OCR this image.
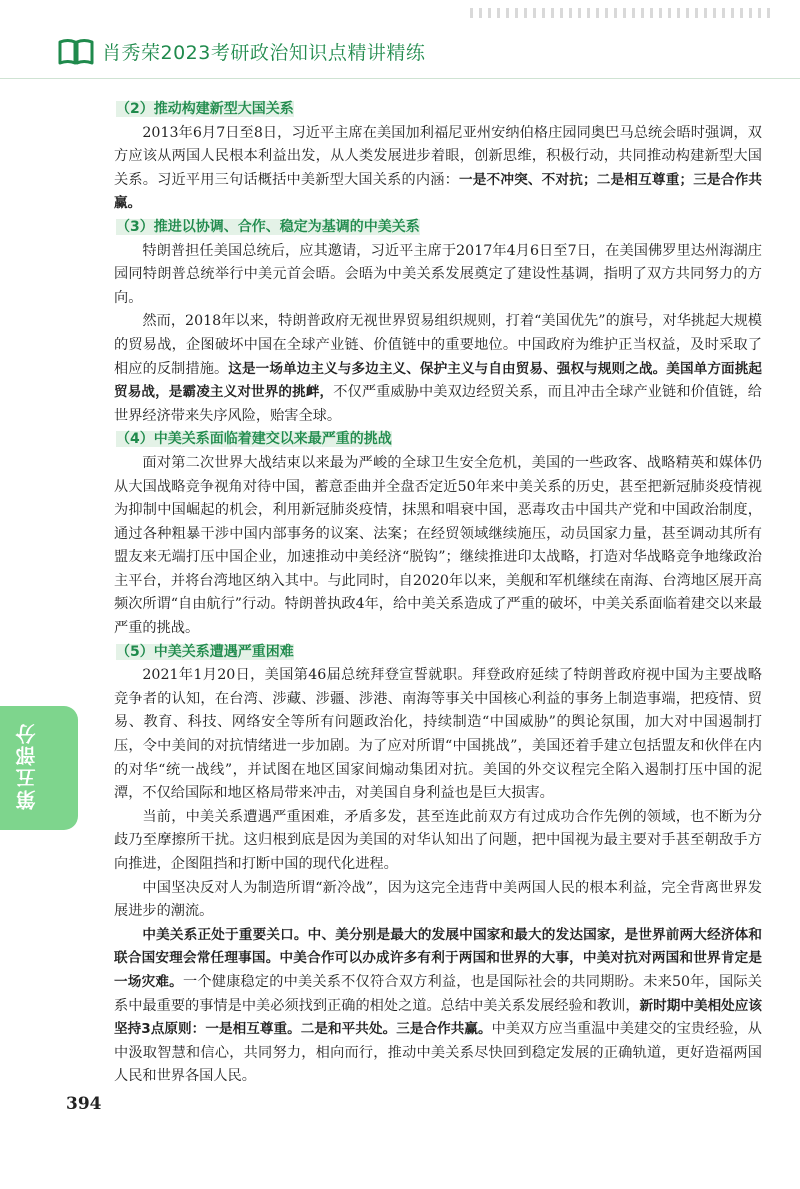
肖秀荣2023考研政治知识点精讲精练
（2）推动构建新型大国关系

2013年6月7日至8日，习近平主席在美国加利福尼亚州安纳伯格庄园同奥巴马总统会晤时强调，双方应该从两国人民根本利益出发，从人类发展进步着眼，创新思维，积极行动，共同推动构建新型大国关系。习近平用三句话概括中美新型大国关系的内涵：一是不冲突、不对抗；二是相互尊重；三是合作共赢。

（3）推进以协调、合作、稳定为基调的中美关系

特朗普担任美国总统后，应其邀请，习近平主席于2017年4月6日至7日，在美国佛罗里达州海湖庄园同特朗普总统举行中美元首会晤。会晤为中美关系发展奠定了建设性基调，指明了双方共同努力的方向。

然而，2018年以来，特朗普政府无视世界贸易组织规则，打着“美国优先”的旗号，对华挑起大规模的贸易战，企图破坏中国在全球产业链、价值链中的重要地位。中国政府为维护正当权益，及时采取了相应的反制措施。这是一场单边主义与多边主义、保护主义与自由贸易、强权与规则之战。美国单方面挑起贸易战，是霸凌主义对世界的挑衅，不仅严重威胁中美双边经贸关系，而且冲击全球产业链和价值链，给世界经济带来失序风险，贻害全球。

（4）中美关系面临着建交以来最严重的挑战

面对第二次世界大战结束以来最为严峻的全球卫生安全危机，美国的一些政客、战略精英和媒体仍从大国战略竞争视角对待中国，蓄意歪曲并全盘否定近50年来中美关系的历史，甚至把新冠肺炎疫情视为抑制中国崛起的机会，利用新冠肺炎疫情，抹黑和唱衰中国，恶毒攻击中国共产党和中国政治制度，通过各种粗暴干涉中国内部事务的议案、法案；在经贸领域继续施压，动员国家力量，甚至调动其所有盟友来无端打压中国企业，加速推动中美经济“脱钩”；继续推进印太战略，打造对华战略竞争地缘政治主平台，并将台湾地区纳入其中。与此同时，自2020年以来，美舰和军机继续在南海、台湾地区展开高频次所谓“自由航行”行动。特朗普执政4年，给中美关系造成了严重的破坏，中美关系面临着建交以来最严重的挑战。

（5）中美关系遭遇严重困难

2021年1月20日，美国第46届总统拜登宣誓就职。拜登政府延续了特朗普政府视中国为主要战略竞争者的认知，在台湾、涉藏、涉疆、涉港、南海等事关中国核心利益的事务上制造事端，把疫情、贸易、教育、科技、网络安全等所有问题政治化，持续制造“中国威胁”的舆论氛围，加大对中国遏制打压，令中美间的对抗情绪进一步加剧。为了应对所谓“中国挑战”，美国还着手建立包括盟友和伙伴在内的对华“统一战线”，并试图在地区国家间煽动集团对抗。美国的外交议程完全陷入遏制打压中国的泥潭，不仅给国际和地区格局带来冲击，对美国自身利益也是巨大损害。

当前，中美关系遭遇严重困难，矛盾多发，甚至连此前双方有过成功合作先例的领域，也不断为分歧乃至摩擦所干扰。这归根到底是因为美国的对华认知出了问题，把中国视为最主要对手甚至朝敌手方向推进，企图阻挡和打断中国的现代化进程。

中国坚决反对人为制造所谓“新冷战”，因为这完全违背中美两国人民的根本利益，完全背离世界发展进步的潮流。

中美关系正处于重要关口。中、美分别是最大的发展中国家和最大的发达国家，是世界前两大经济体和联合国安理会常任理事国。中美合作可以办成许多有利于两国和世界的大事，中美对抗对两国和世界肯定是一场灾难。一个健康稳定的中美关系不仅符合双方利益，也是国际社会的共同期盼。未来50年，国际关系中最重要的事情是中美必须找到正确的相处之道。总结中美关系发展经验和教训，新时期中美相处应该坚持3点原则：一是相互尊重。二是和平共处。三是合作共赢。中美双方应当重温中美建交的宝贵经验，从中汲取智慧和信心，共同努力，相向而行，推动中美关系尽快回到稳定发展的正确轨道，更好造福两国人民和世界各国人民。

第五部分
394
